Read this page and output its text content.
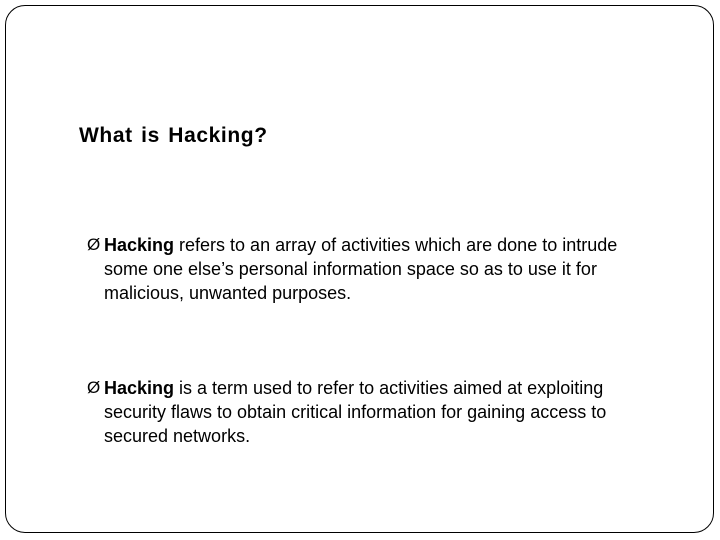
What is Hacking?
Ø Hacking refers to an array of activities which are done to intrude some one else’s personal information space so as to use it for malicious, unwanted purposes.
Ø Hacking is a term used to refer to activities aimed at exploiting security flaws to obtain critical information for gaining access to secured networks.
